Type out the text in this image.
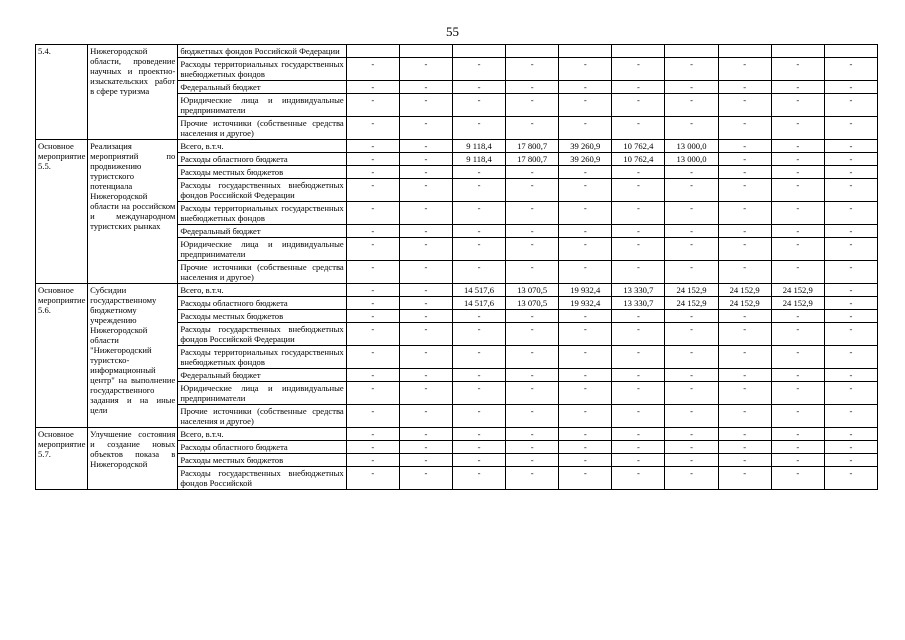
55
5.4.	Нижегородской области, проведение научных и проектно-изыскательских работ в сфере туризма	бюджетных фондов Российской Федерации										
		Расходы территориальных государственных внебюджетных фондов	-	-	-	-	-	-	-	-	-	-
		Федеральный бюджет	-	-	-	-	-	-	-	-	-	-
		Юридические лица и индивидуальные предприниматели	-	-	-	-	-	-	-	-	-	-
		Прочие источники (собственные средства населения и другое)	-	-	-	-	-	-	-	-	-	-
Основное мероприятие 5.5.	Реализация мероприятий по продвижению туристского потенциала Нижегородской области на российском и международном туристских рынках	Всего, в.т.ч.	-	-	9 118,4	17 800,7	39 260,9	10 762,4	13 000,0	-	-	-
		Расходы областного бюджета	-	-	9 118,4	17 800,7	39 260,9	10 762,4	13 000,0	-	-	-
		Расходы местных бюджетов	-	-	-	-	-	-	-	-	-	-
		Расходы государственных внебюджетных фондов Российской Федерации	-	-	-	-	-	-	-	-	-	-
		Расходы территориальных государственных внебюджетных фондов	-	-	-	-	-	-	-	-	-	-
		Федеральный бюджет	-	-	-	-	-	-	-	-	-	-
		Юридические лица и индивидуальные предприниматели	-	-	-	-	-	-	-	-	-	-
		Прочие источники (собственные средства населения и другое)	-	-	-	-	-	-	-	-	-	-
Основное мероприятие 5.6.	Субсидии государственному бюджетному учреждению Нижегородской области "Нижегородский туристско-информационный центр" на выполнение государственного задания и на иные цели	Всего, в.т.ч.	-	-	14 517,6	13 070,5	19 932,4	13 330,7	24 152,9	24 152,9	24 152,9	-
		Расходы областного бюджета	-	-	14 517,6	13 070,5	19 932,4	13 330,7	24 152,9	24 152,9	24 152,9	-
		Расходы местных бюджетов	-	-	-	-	-	-	-	-	-	-
		Расходы государственных внебюджетных фондов Российской Федерации	-	-	-	-	-	-	-	-	-	-
		Расходы территориальных государственных внебюджетных фондов	-	-	-	-	-	-	-	-	-	-
		Федеральный бюджет	-	-	-	-	-	-	-	-	-	-
		Юридические лица и индивидуальные предприниматели	-	-	-	-	-	-	-	-	-	-
		Прочие источники (собственные средства населения и другое)	-	-	-	-	-	-	-	-	-	-
Основное мероприятие 5.7.	Улучшение состояния и создание новых объектов показа в Нижегородской	Всего, в.т.ч.	-	-	-	-	-	-	-	-	-	-
		Расходы областного бюджета	-	-	-	-	-	-	-	-	-	-
		Расходы местных бюджетов	-	-	-	-	-	-	-	-	-	-
		Расходы государственных внебюджетных фондов Российской	-	-	-	-	-	-	-	-	-	-
